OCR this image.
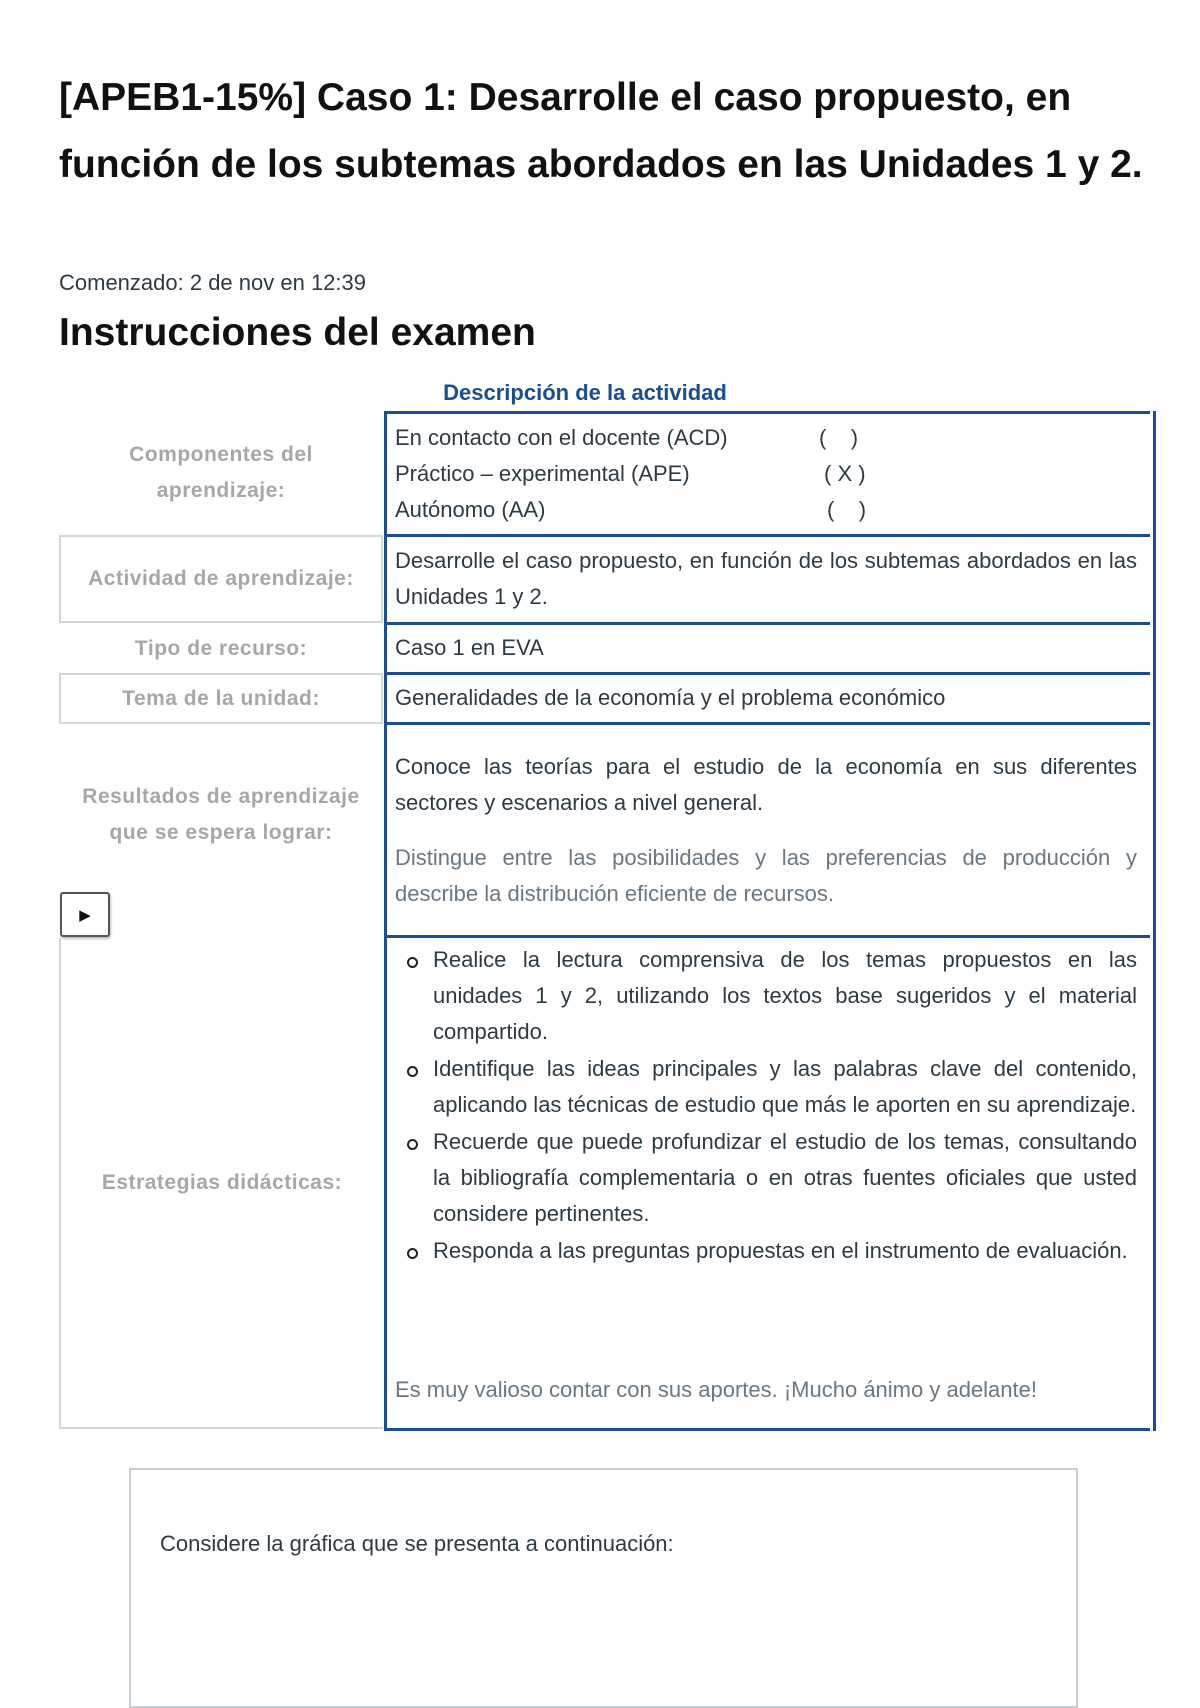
[APEB1-15%] Caso 1: Desarrolle el caso propuesto, en función de los subtemas abordados en las Unidades 1 y 2.
Comenzado: 2 de nov en 12:39
Instrucciones del examen
Descripción de la actividad
Componentes del aprendizaje:
En contacto con el docente (ACD)	(    )
Práctico – experimental (APE)	( X )
Autónomo (AA)	(    )
Actividad de aprendizaje:
Desarrolle el caso propuesto, en función de los subtemas abordados en las Unidades 1 y 2.
Tipo de recurso:	Caso 1 en EVA
Tema de la unidad:	Generalidades de la economía y el problema económico
Resultados de aprendizaje que se espera lograr:
Conoce las teorías para el estudio de la economía en sus diferentes sectores y escenarios a nivel general.
Distingue entre las posibilidades y las preferencias de producción y describe la distribución eficiente de recursos.
Estrategias didácticas:
Realice la lectura comprensiva de los temas propuestos en las unidades 1 y 2, utilizando los textos base sugeridos y el material compartido.
Identifique las ideas principales y las palabras clave del contenido, aplicando las técnicas de estudio que más le aporten en su aprendizaje.
Recuerde que puede profundizar el estudio de los temas, consultando la bibliografía complementaria o en otras fuentes oficiales que usted considere pertinentes.
Responda a las preguntas propuestas en el instrumento de evaluación.
Es muy valioso contar con sus aportes. ¡Mucho ánimo y adelante!
▶
Considere la gráfica que se presenta a continuación:
